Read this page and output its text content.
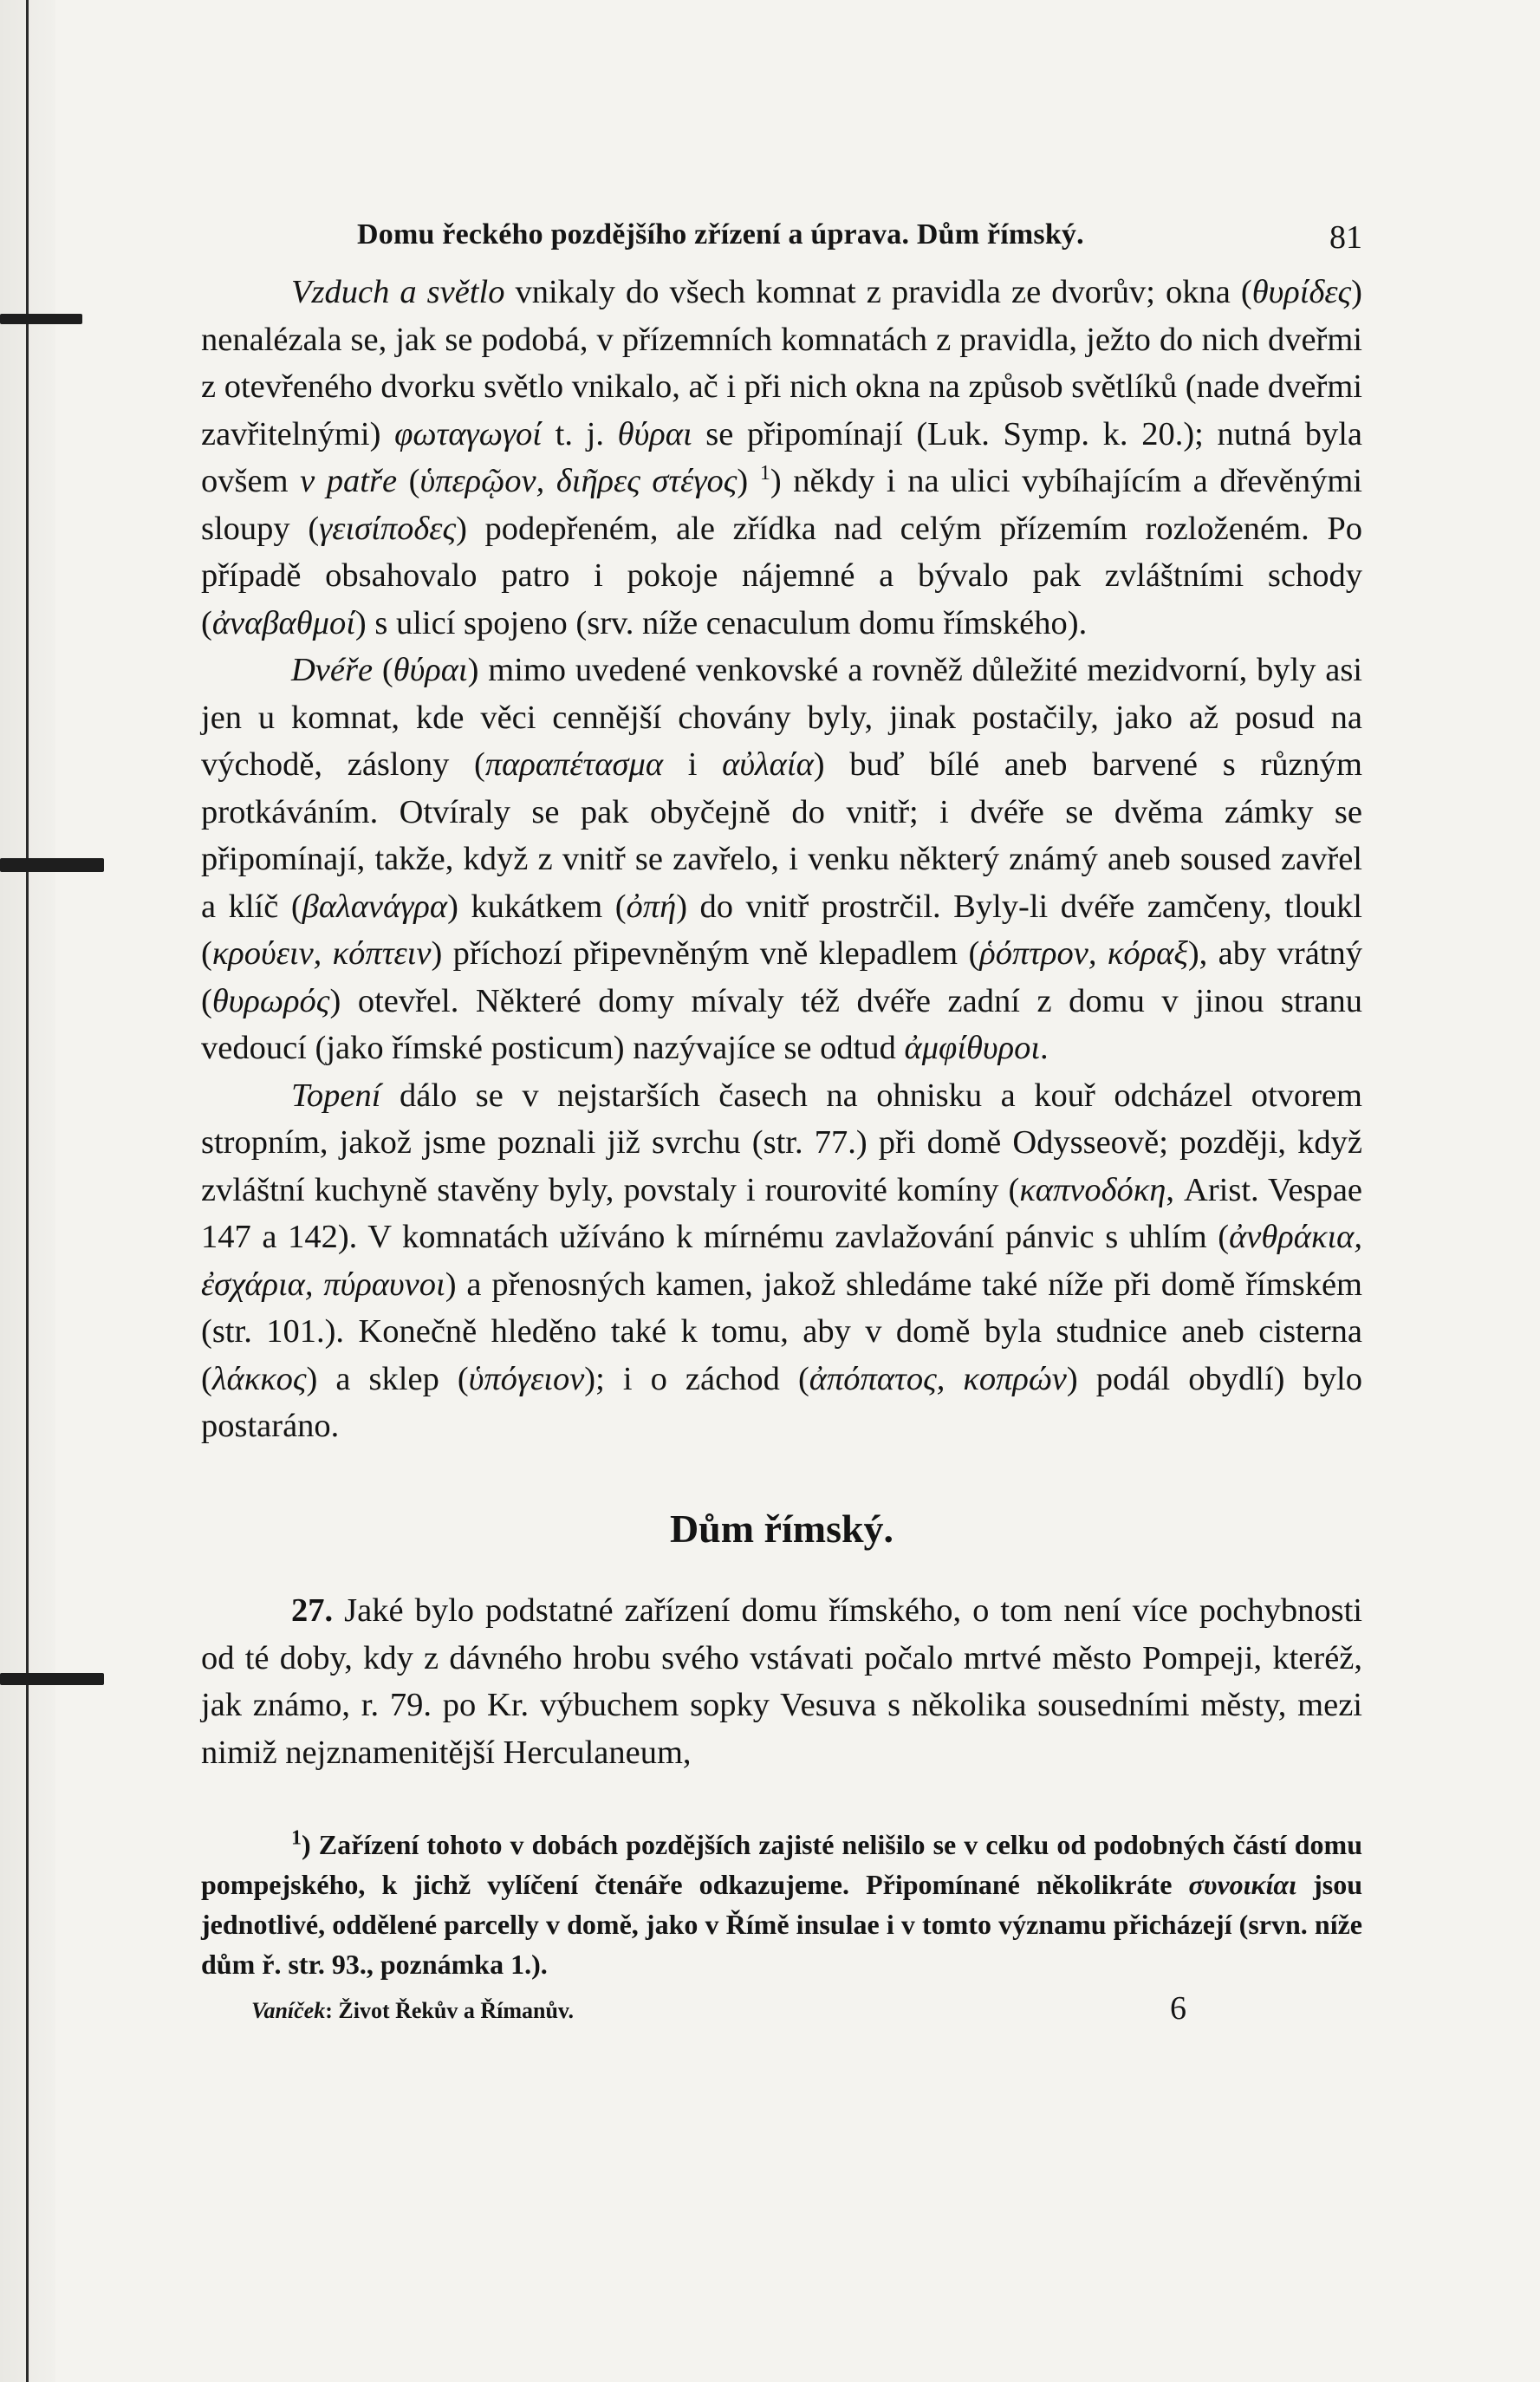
Domu řeckého pozdějšího zřízení a úprava. Dům římský.	81

Vzduch a světlo vnikaly do všech komnat z pravidla ze dvorův; okna (θυρίδες) nenalézala se, jak se podobá, v přízemních komnatách z pravidla, ježto do nich dveřmi z otevřeného dvorku světlo vnikalo, ač i při nich okna na způsob světlíků (nade dveřmi zavřitelnými) φωταγωγοί t. j. θύραι se připomínají (Luk. Symp. k. 20.); nutná byla ovšem v patře (ὑπερῷον, διῆρες στέγος) $^1$) někdy i na ulici vybíhajícím a dřevěnými sloupy (γεισίποδες) podepřeném, ale zřídka nad celým přízemím rozloženém. Po případě obsahovalo patro i pokoje nájemné a bývalo pak zvláštními schody (ἀναβαθμοί) s ulicí spojeno (srv. níže cenaculum domu římského).

Dvéře (θύραι) mimo uvedené venkovské a rovněž důležité mezidvorní, byly asi jen u komnat, kde věci cennější chovány byly, jinak postačily, jako až posud na východě, záslony (παραπέτασμα i αὐλαία) buď bílé aneb barvené s různým protkáváním. Otvíraly se pak obyčejně do vnitř; i dvéře se dvěma zámky se připomínají, takže, když z vnitř se zavřelo, i venku některý známý aneb soused zavřel a klíč (βαλανάγρα) kukátkem (ὀπή) do vnitř prostrčil. Byly-li dvéře zamčeny, tloukl (κρούειν, κόπτειν) příchozí připevněným vně klepadlem (ῥόπτρον, κόραξ), aby vrátný (θυρωρός) otevřel. Některé domy mívaly též dvéře zadní z domu v jinou stranu vedoucí (jako římské posticum) nazývajíce se odtud ἀμφίθυροι.

Topení dálo se v nejstarších časech na ohnisku a kouř odcházel otvorem stropním, jakož jsme poznali již svrchu (str. 77.) při domě Odysseově; později, když zvláštní kuchyně stavěny byly, povstaly i rourovité komíny (καπνοδόκη, Arist. Vespae 147 a 142). V komnatách užíváno k mírnému zavlažování pánvic s uhlím (ἀνθράκια, ἐσχάρια, πύραυνοι) a přenosných kamen, jakož shledáme také níže při domě římském (str. 101.). Konečně hleděno také k tomu, aby v domě byla studnice aneb cisterna (λάκκος) a sklep (ὑπόγειον); i o záchod (ἀπόπατος, κοπρών) podál obydlí) bylo postaráno.

Dům římský.

27. Jaké bylo podstatné zařízení domu římského, o tom není více pochybnosti od té doby, kdy z dávného hrobu svého vstávati počalo mrtvé město Pompeji, kteréž, jak známo, r. 79. po Kr. výbuchem sopky Vesuva s několika sousedními městy, mezi nimiž nejznamenitější Herculaneum,

$^1$) Zařízení tohoto v dobách pozdějších zajisté nelišilo se v celku od podobných částí domu pompejského, k jichž vylíčení čtenáře odkazujeme. Připomínané několikráte συνοικίαι jsou jednotlivé, oddělené parcelly v domě, jako v Římě insulae i v tomto významu přicházejí (srvn. níže dům ř. str. 93., poznámka 1.).

Vaníček: Život Řekův a Římanův.	6
